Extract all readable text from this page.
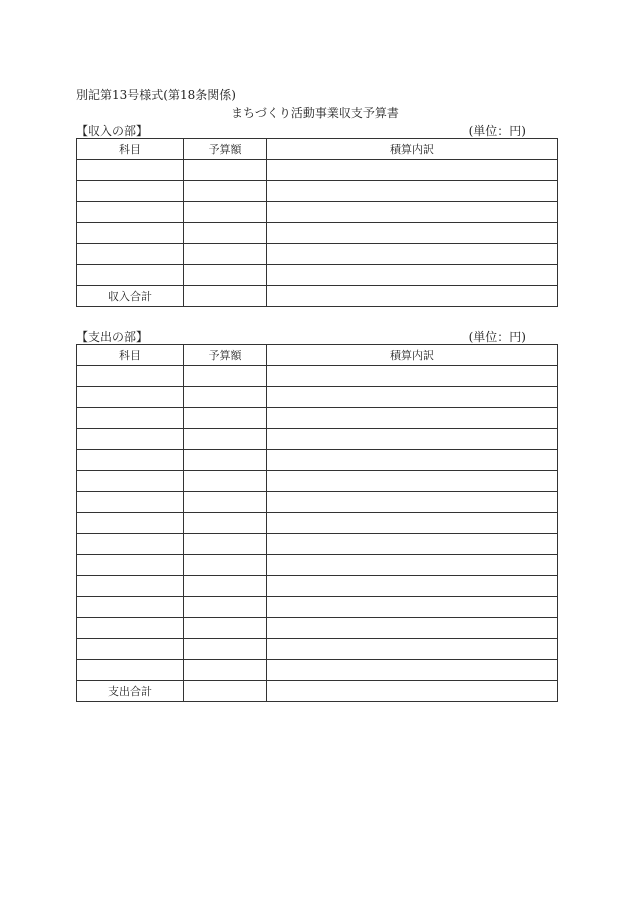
別記第13号様式(第18条関係)
まちづくり活動事業収支予算書
【収入の部】	(単位：円)
科目	予算額	積算内訳

収入合計		
【支出の部】	(単位：円)
科目	予算額	積算内訳

支出合計		
